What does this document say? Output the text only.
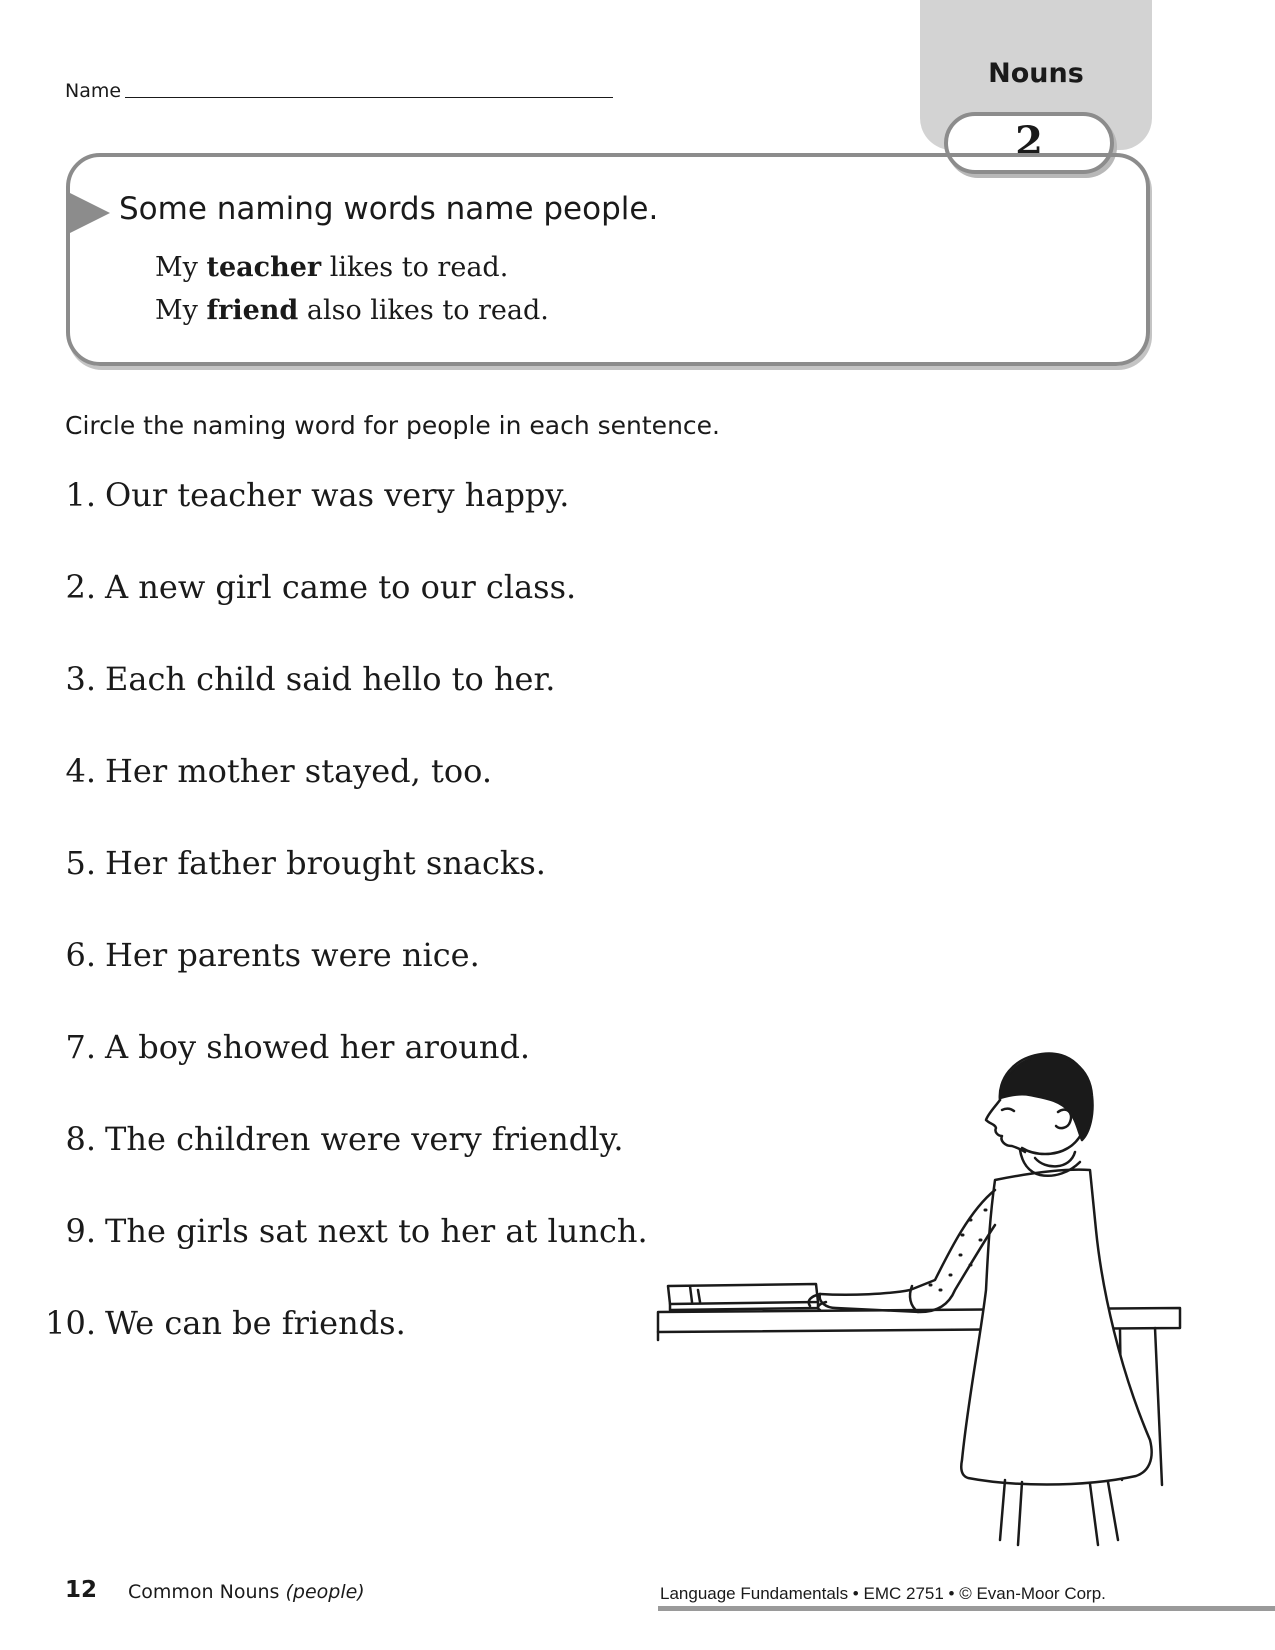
Name
Nouns
2
Some naming words name people.
My teacher likes to read.
My friend also likes to read.
Circle the naming word for people in each sentence.
1. Our teacher was very happy.
2. A new girl came to our class.
3. Each child said hello to her.
4. Her mother stayed, too.
5. Her father brought snacks.
6. Her parents were nice.
7. A boy showed her around.
8. The children were very friendly.
9. The girls sat next to her at lunch.
10. We can be friends.
12 Common Nouns (people)	Language Fundamentals • EMC 2751 • © Evan-Moor Corp.
